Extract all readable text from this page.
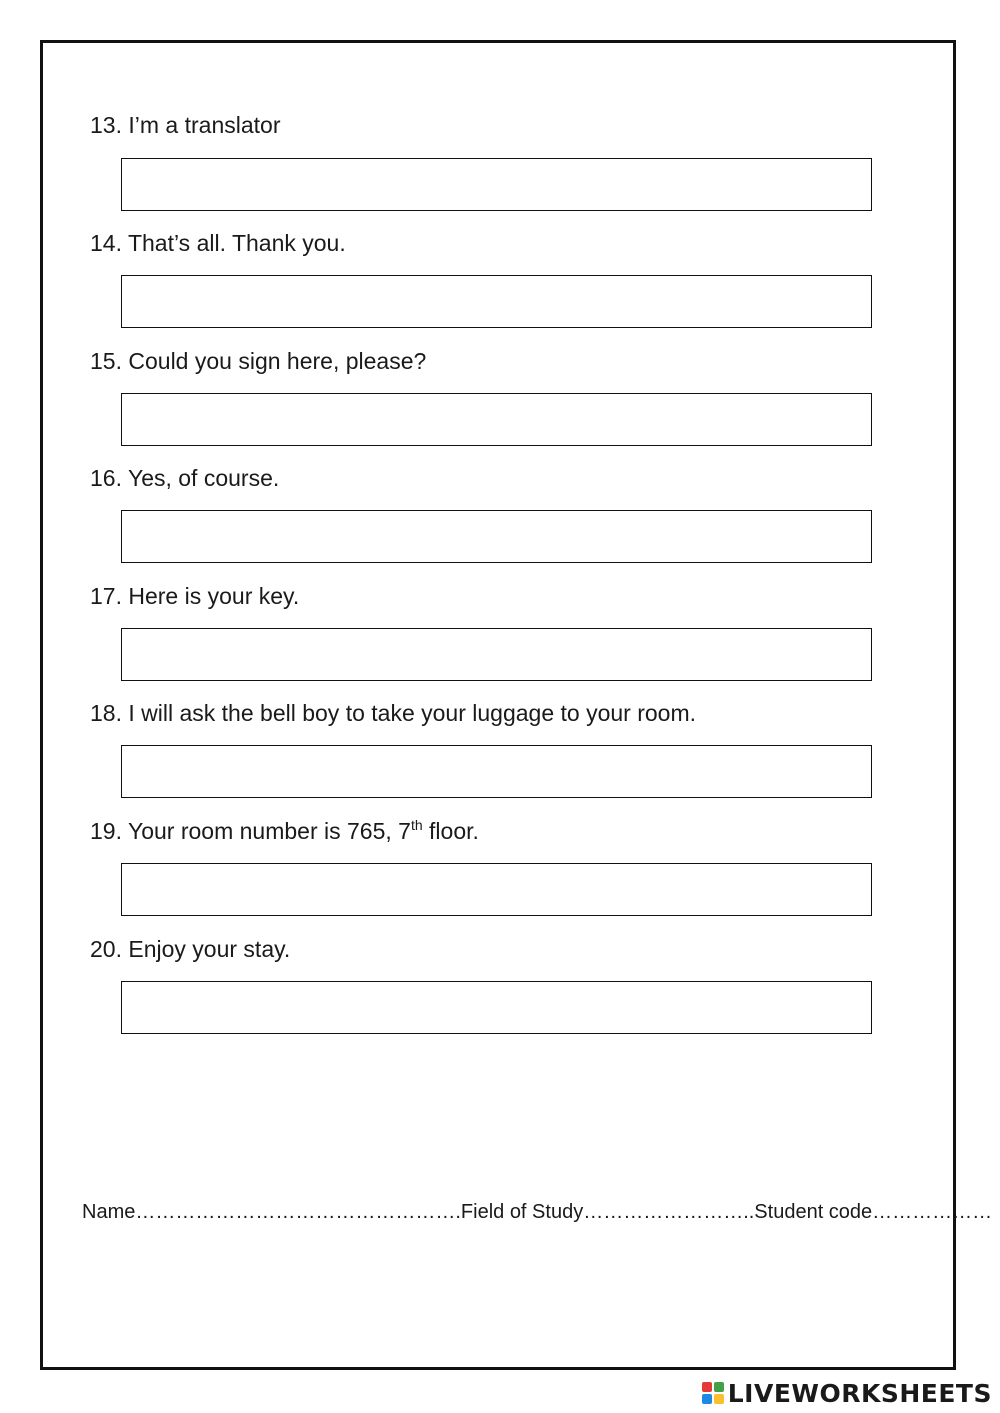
13. I’m a translator
14. That’s all. Thank you.
15. Could you sign here, please?
16. Yes, of course.
17. Here is your key.
18. I will ask the bell boy to take your luggage to your room.
19. Your room number is 765, 7th floor.
20. Enjoy your stay.
Name………………………………………….Field of Study……………………..Student code………………
LIVEWORKSHEETS
